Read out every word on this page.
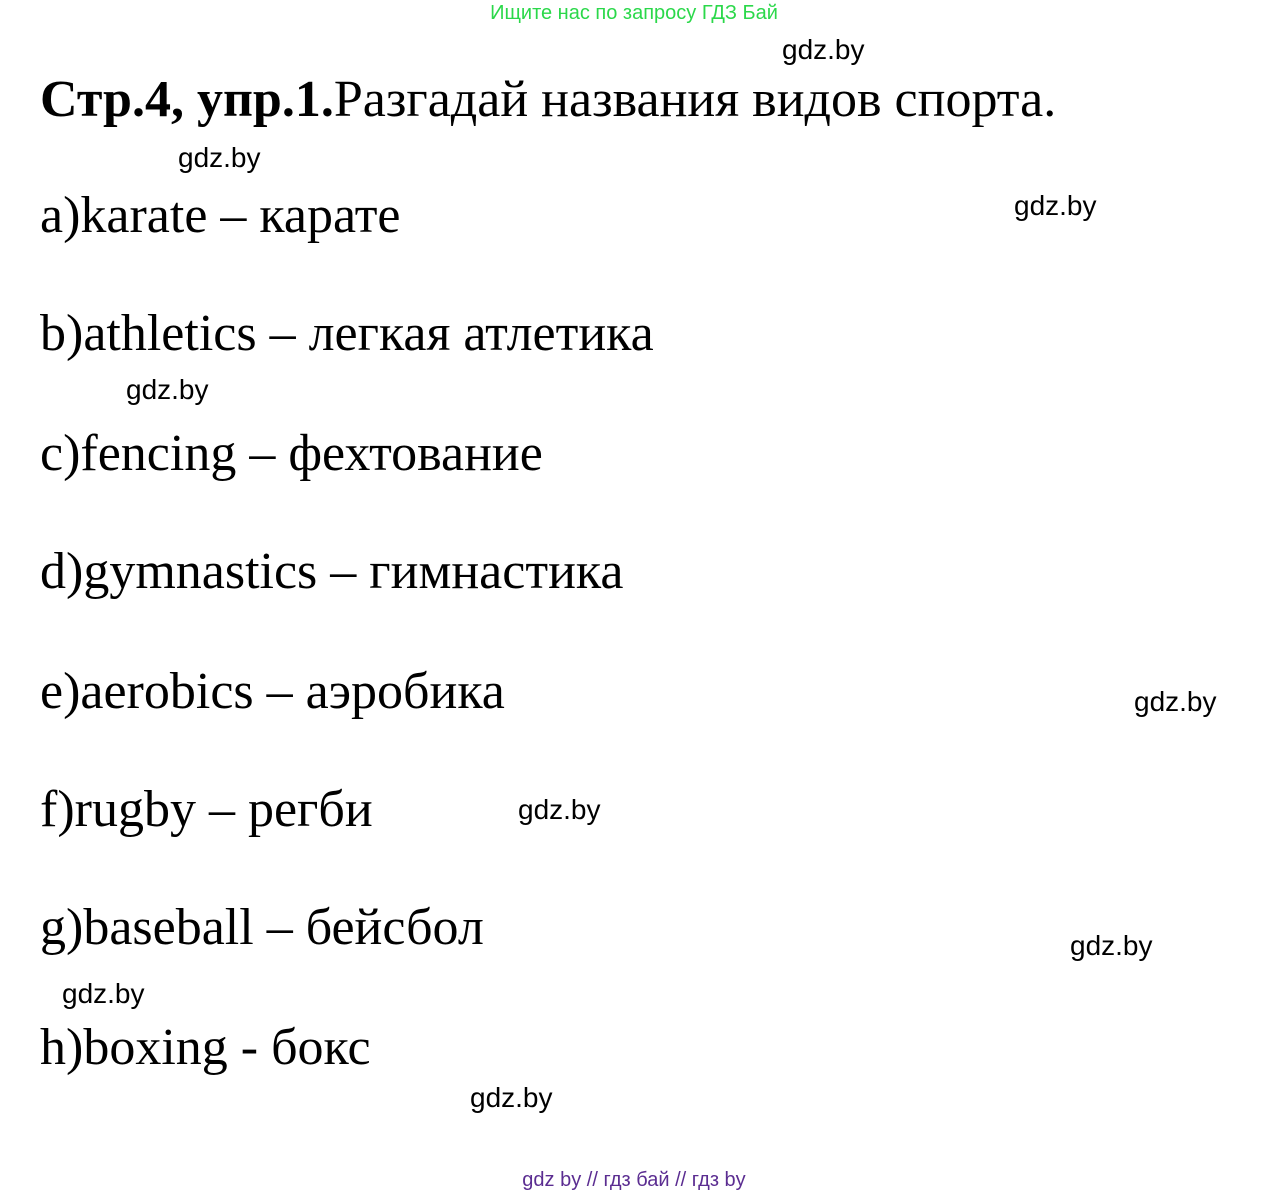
Ищите нас по запросу ГДЗ Бай
Стр.4, упр.1.Разгадай названия видов спорта.

a)karate – карате

b)athletics – легкая атлетика

c)fencing – фехтование

d)gymnastics – гимнастика

e)aerobics – аэробика

f)rugby – регби

g)baseball – бейсбол

h)boxing - бокс

gdz.by
gdz.by
gdz.by
gdz.by
gdz.by
gdz.by
gdz.by
gdz.by
gdz.by
gdz by // гдз бай // гдз by
